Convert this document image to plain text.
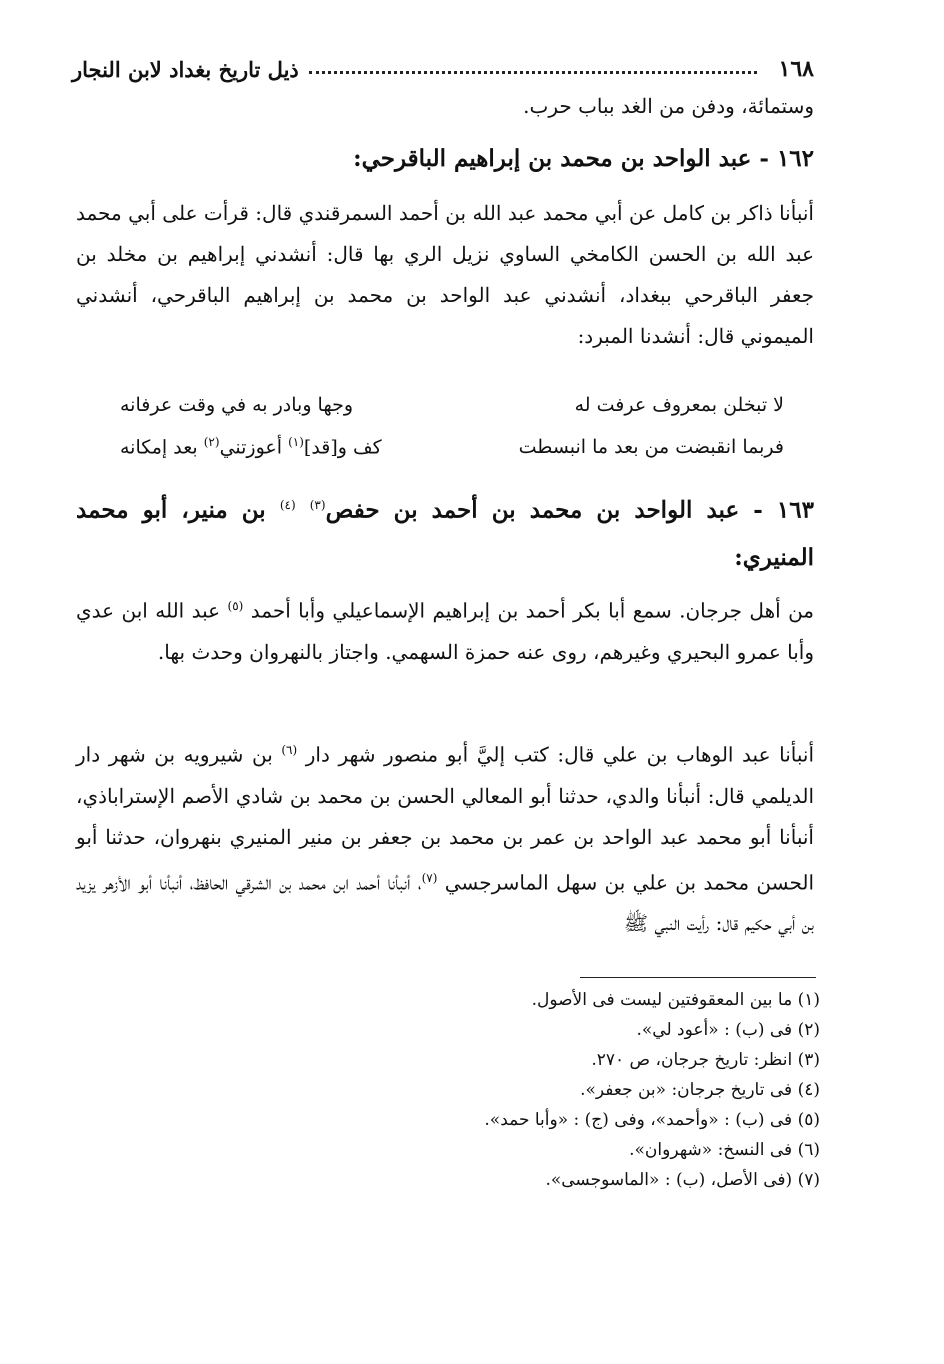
١٦٨
ذيل تاريخ بغداد لابن النجار
وستمائة، ودفن من الغد بباب حرب.
١٦٢ - عبد الواحد بن محمد بن إبراهيم الباقرحي:
أنبأنا ذاكر بن كامل عن أبي محمد عبد الله بن أحمد السمرقندي قال: قرأت على أبي محمد عبد الله بن الحسن الكامخي الساوي نزيل الري بها قال: أنشدني إبراهيم بن مخلد بن جعفر الباقرحي ببغداد، أنشدني عبد الواحد بن محمد بن إبراهيم الباقرحي، أنشدني الميموني قال: أنشدنا المبرد:
لا تبخلن بمعروف عرفت له
وجها وبادر به في وقت عرفانه
فربما انقبضت من بعد ما انبسطت
كف و[قد]$^{(١)}$ أعوزتني$^{(٢)}$ بعد إمكانه
١٦٣ - عبد الواحد بن محمد بن أحمد بن حفص$^{(٣)}$ $^{(٤)}$ بن منير، أبو محمد المنيري:
من أهل جرجان. سمع أبا بكر أحمد بن إبراهيم الإسماعيلي وأبا أحمد $^{(٥)}$ عبد الله ابن عدي وأبا عمرو البحيري وغيرهم، روى عنه حمزة السهمي. واجتاز بالنهروان وحدث بها.
أنبأنا عبد الوهاب بن علي قال: كتب إليَّ أبو منصور شهر دار $^{(٦)}$ بن شيرويه بن شهر دار الديلمي قال: أنبأنا والدي، حدثنا أبو المعالي الحسن بن محمد بن شادي الأصم الإستراباذي، أنبأنا أبو محمد عبد الواحد بن عمر بن محمد بن جعفر بن منير المنيري بنهروان، حدثنا أبو الحسن محمد بن علي بن سهل الماسرجسي $^{(٧)}$، أنبأنا أحمد ابن محمد بن الشرقي الحافظ، أنبأنا أبو الأزهر يزيد بن أبي حكيم قال: رأيت النبي ﷺ
(١) ما بين المعقوفتين ليست فى الأصول.
(٢) فى (ب) : «أعود لي».
(٣) انظر: تاريخ جرجان، ص ٢٧٠.
(٤) فى تاريخ جرجان: «بن جعفر».
(٥) فى (ب) : «وأحمد»، وفى (ج) : «وأبا حمد».
(٦) فى النسخ: «شهروان».
(٧) (فى الأصل، (ب) : «الماسوجسى».
